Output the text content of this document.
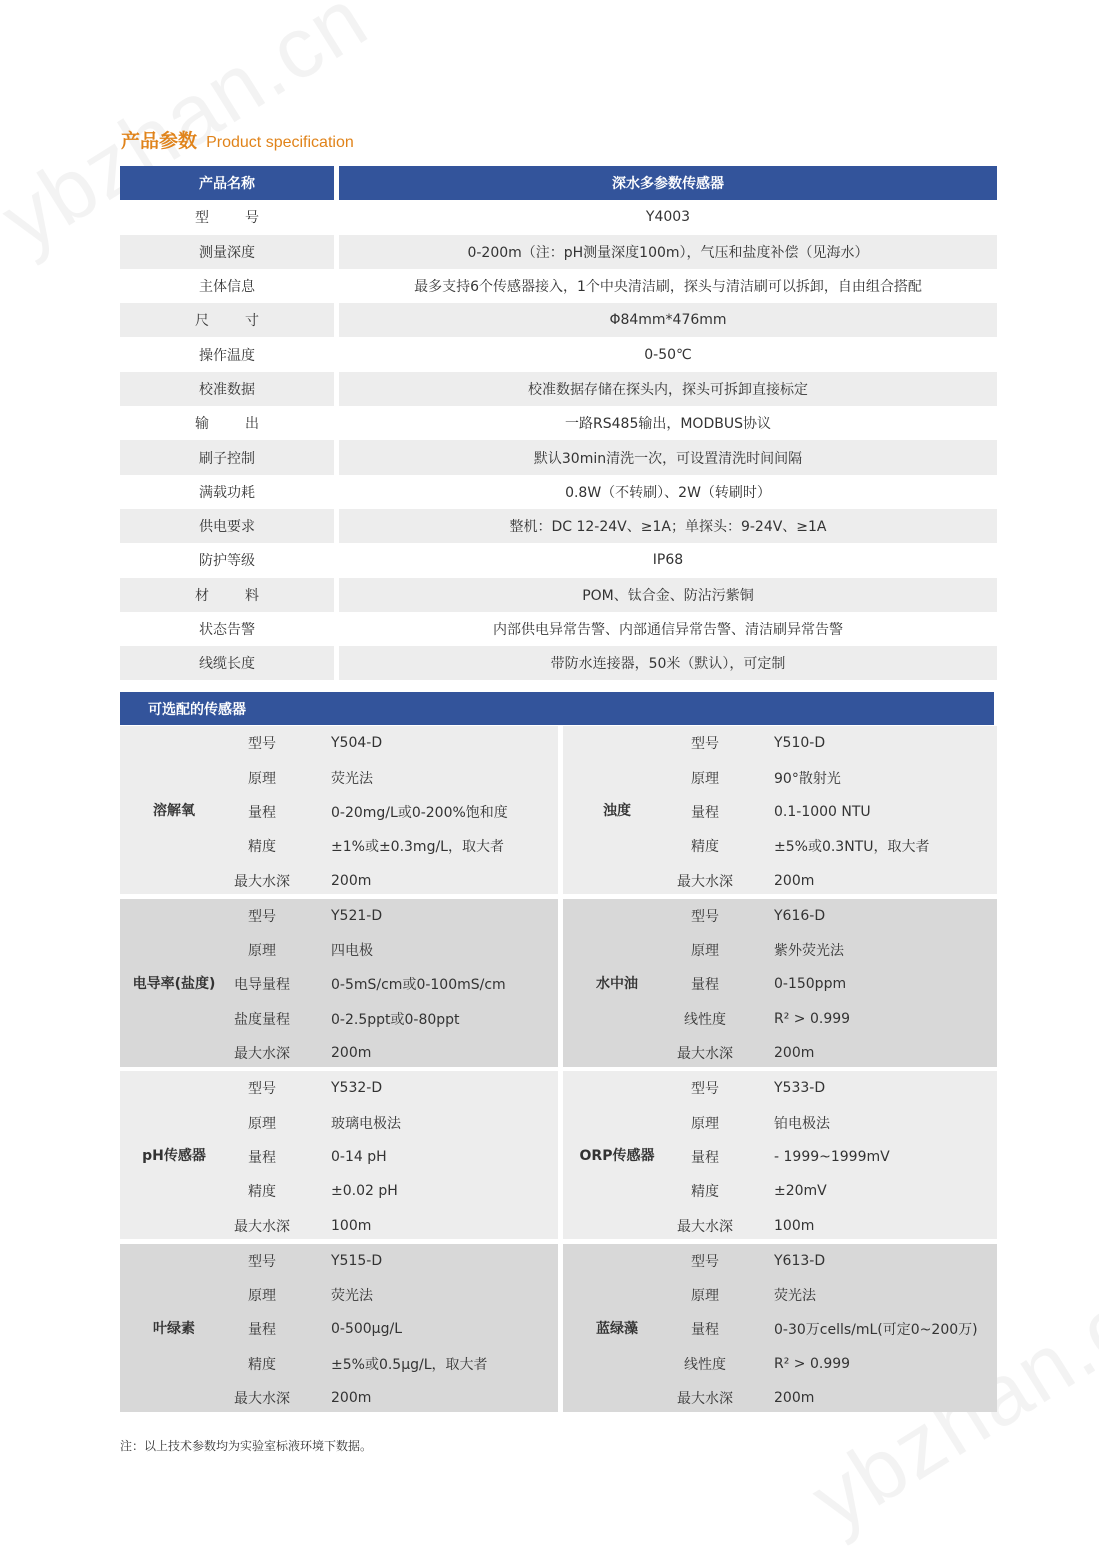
产品参数 Product specification
产品名称	深水多参数传感器
型	号	Y4003
测量深度	0-200m（注：pH测量深度100m），气压和盐度补偿（见海水）
主体信息	最多支持6个传感器接入，1个中央清洁刷，探头与清洁刷可以拆卸，自由组合搭配
尺	寸	Φ84mm*476mm
操作温度	0-50℃
校准数据	校准数据存储在探头内，探头可拆卸直接标定
输	出	一路RS485输出，MODBUS协议
刷子控制	默认30min清洗一次，可设置清洗时间间隔
满载功耗	0.8W（不转刷）、2W（转刷时）
供电要求	整机：DC 12-24V、≥1A；单探头：9-24V、≥1A
防护等级	IP68
材	料	POM、钛合金、防沾污紫铜
状态告警	内部供电异常告警、内部通信异常告警、清洁刷异常告警
线缆长度	带防水连接器，50米（默认），可定制
可选配的传感器
溶解氧
型号	Y504-D
原理	荧光法
量程	0-20mg/L或0-200%饱和度
精度	±1%或±0.3mg/L，取大者
最大水深	200m
浊度
型号	Y510-D
原理	90°散射光
量程	0.1-1000 NTU
精度	±5%或0.3NTU，取大者
最大水深	200m
电导率(盐度)
型号	Y521-D
原理	四电极
电导量程	0-5mS/cm或0-100mS/cm
盐度量程	0-2.5ppt或0-80ppt
最大水深	200m
水中油
型号	Y616-D
原理	紫外荧光法
量程	0-150ppm
线性度	R² > 0.999
最大水深	200m
pH传感器
型号	Y532-D
原理	玻璃电极法
量程	0-14 pH
精度	±0.02 pH
最大水深	100m
ORP传感器
型号	Y533-D
原理	铂电极法
量程	- 1999~1999mV
精度	±20mV
最大水深	100m
叶绿素
型号	Y515-D
原理	荧光法
量程	0-500μg/L
精度	±5%或0.5μg/L，取大者
最大水深	200m
蓝绿藻
型号	Y613-D
原理	荧光法
量程	0-30万cells/mL(可定0~200万)
线性度	R² > 0.999
最大水深	200m
注：以上技术参数均为实验室标液环境下数据。
